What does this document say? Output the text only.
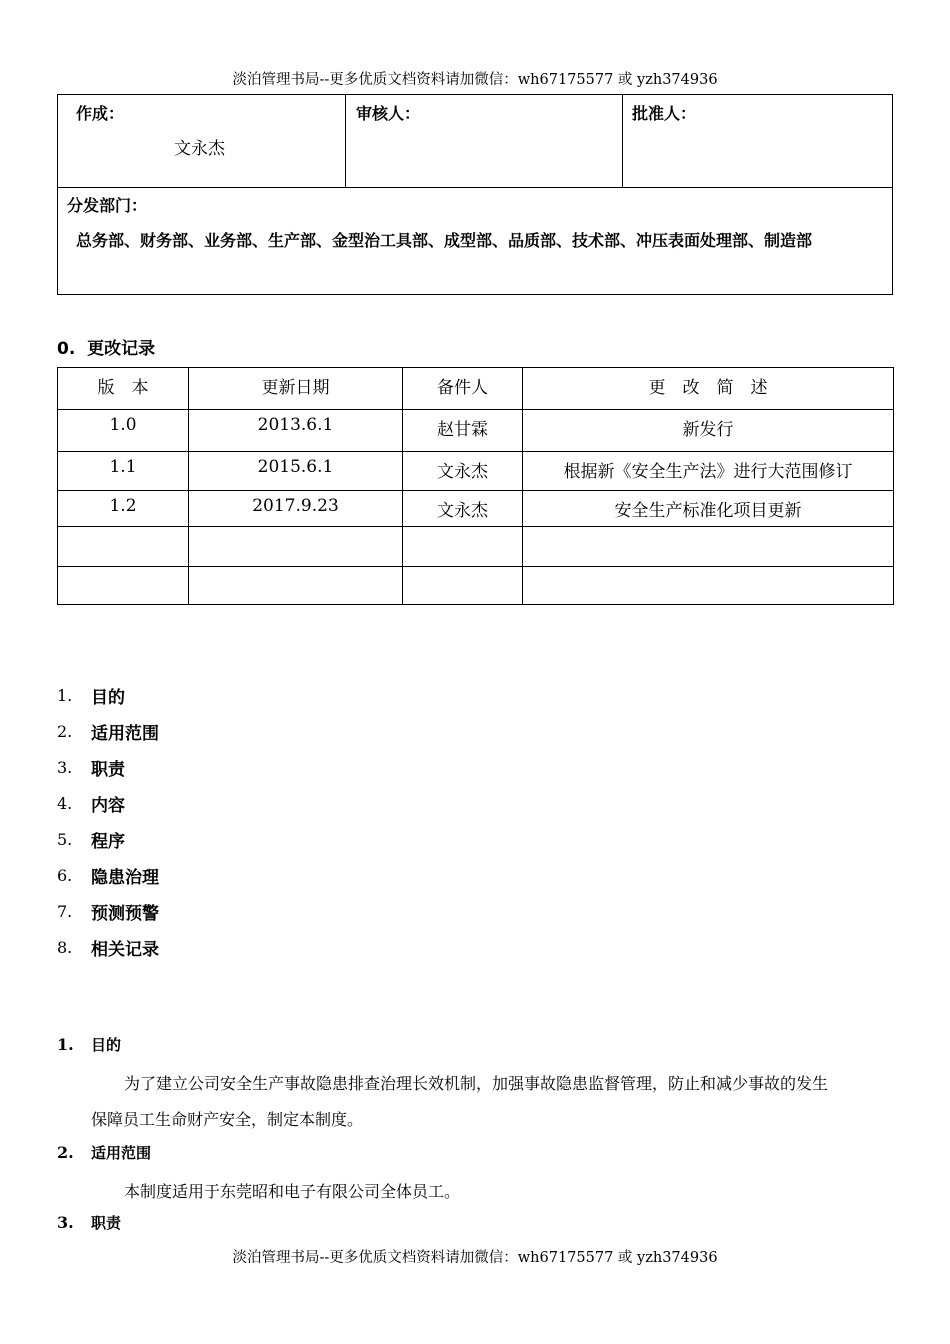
淡泊管理书局--更多优质文档资料请加微信：wh67175577 或 yzh374936
作成：
文永杰
审核人：	批准人：
分发部门：
总务部、财务部、业务部、生产部、金型治工具部、成型部、品质部、技术部、冲压表面处理部、制造部
0. 更改记录
版　本	更新日期	备件人	更　改　简　述
1.0	2013.6.1	赵甘霖	新发行
1.1	2015.6.1	文永杰	根据新《安全生产法》进行大范围修订
1.2	2017.9.23	文永杰	安全生产标准化项目更新

1.	目的
2.	适用范围
3.	职责
4.	内容
5.	程序
6.	隐患治理
7.	预测预警
8.	相关记录
1.	目的
为了建立公司安全生产事故隐患排查治理长效机制，加强事故隐患监督管理，防止和减少事故的发生
保障员工生命财产安全，制定本制度。
2.	适用范围
本制度适用于东莞昭和电子有限公司全体员工。
3.	职责
淡泊管理书局--更多优质文档资料请加微信：wh67175577 或 yzh374936
